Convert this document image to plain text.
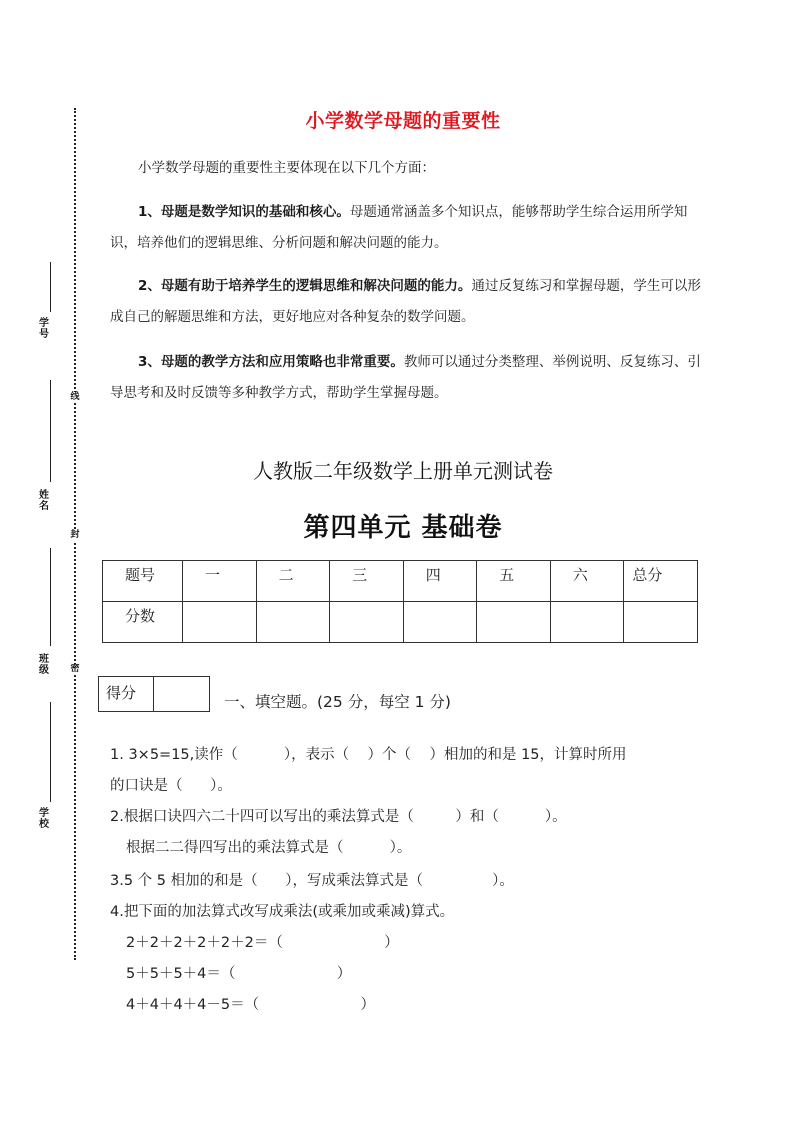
学号
姓名
班级
学校
线
封
密
小学数学母题的重要性
小学数学母题的重要性主要体现在以下几个方面：
1、母题是数学知识的基础和核心。母题通常涵盖多个知识点，能够帮助学生综合运用所学知识，培养他们的逻辑思维、分析问题和解决问题的能力。
2、母题有助于培养学生的逻辑思维和解决问题的能力。通过反复练习和掌握母题，学生可以形成自己的解题思维和方法，更好地应对各种复杂的数学问题。
3、母题的教学方法和应用策略也非常重要。教师可以通过分类整理、举例说明、反复练习、引导思考和及时反馈等多种教学方式，帮助学生掌握母题。
人教版二年级数学上册单元测试卷
第四单元 基础卷
题号	一	二	三	四	五	六	总分
分数							
得分	一、填空题。(25 分，每空 1 分)
1. 3×5=15,读作（          ），表示（    ）个（    ）相加的和是 15，计算时所用
的口诀是（      ）。
2.根据口诀四六二十四可以写出的乘法算式是（         ）和（          ）。
根据二二得四写出的乘法算式是（          ）。
3.5 个 5 相加的和是（      ），写成乘法算式是（               ）。
4.把下面的加法算式改写成乘法(或乘加或乘减)算式。
2＋2＋2＋2＋2＋2＝（                      ）
5＋5＋5＋4＝（                      ）
4＋4＋4＋4－5＝（                      ）
